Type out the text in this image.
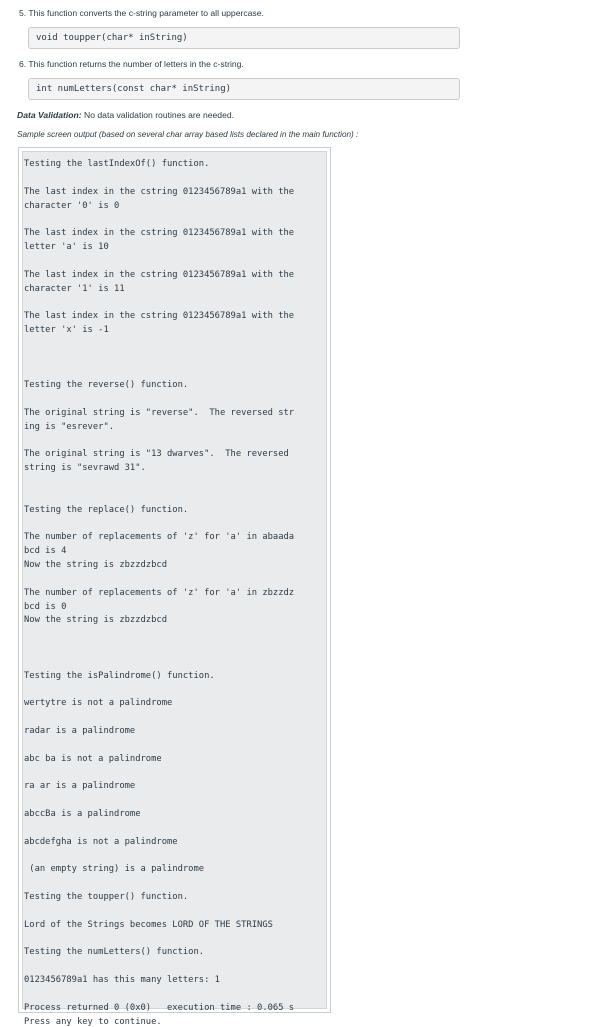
5. This function converts the c-string parameter to all uppercase.
void toupper(char* inString)
6. This function returns the number of letters in the c-string.
int numLetters(const char* inString)
Data Validation: No data validation routines are needed.
Sample screen output (based on several char array based lists declared in the main function) :
Testing the lastIndexOf() function.
The last index in the cstring 0123456789a1 with the
character '0' is 0
The last index in the cstring 0123456789a1 with the
letter 'a' is 10
The last index in the cstring 0123456789a1 with the
character '1' is 11
The last index in the cstring 0123456789a1 with the
letter 'x' is -1
Testing the reverse() function.
The original string is "reverse".  The reversed str
ing is "esrever".
The original string is "13 dwarves".  The reversed
string is "sevrawd 31".
Testing the replace() function.
The number of replacements of 'z' for 'a' in abaada
bcd is 4
Now the string is zbzzdzbcd
The number of replacements of 'z' for 'a' in zbzzdz
bcd is 0
Now the string is zbzzdzbcd
Testing the isPalindrome() function.
wertytre is not a palindrome
radar is a palindrome
abc ba is not a palindrome
ra ar is a palindrome
abccBa is a palindrome
abcdefgha is not a palindrome
(an empty string) is a palindrome
Testing the toupper() function.
Lord of the Strings becomes LORD OF THE STRINGS
Testing the numLetters() function.
0123456789a1 has this many letters: 1
Process returned 0 (0x0)   execution time : 0.065 s
Press any key to continue.
